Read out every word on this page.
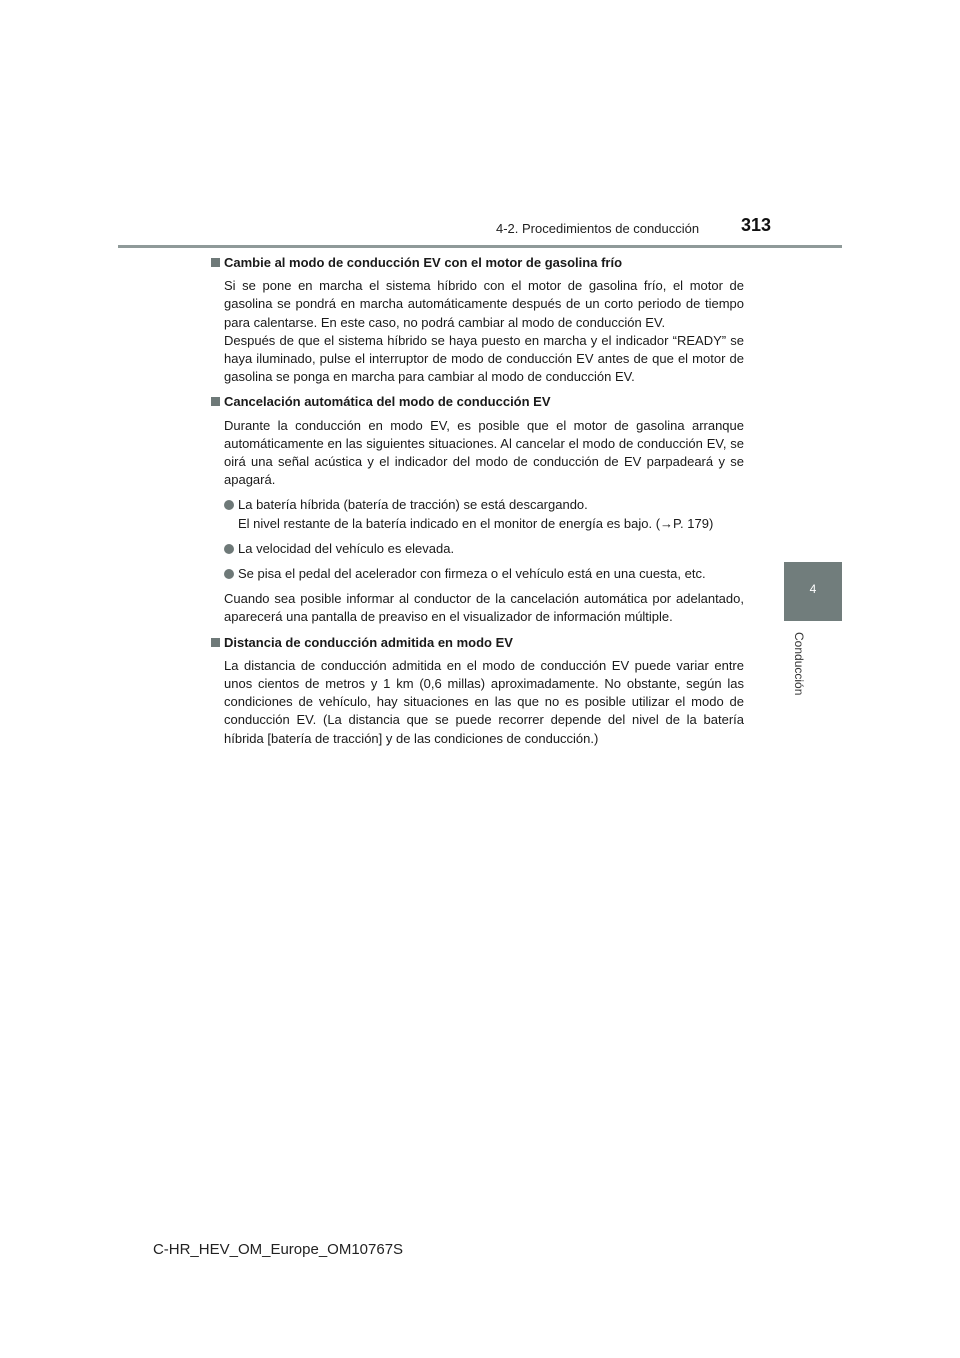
4-2. Procedimientos de conducción 313
4
Conducción
Cambie al modo de conducción EV con el motor de gasolina frío
Si se pone en marcha el sistema híbrido con el motor de gasolina frío, el motor de gasolina se pondrá en marcha automáticamente después de un corto periodo de tiempo para calentarse. En este caso, no podrá cambiar al modo de conducción EV.
Después de que el sistema híbrido se haya puesto en marcha y el indicador “READY” se haya iluminado, pulse el interruptor de modo de conducción EV antes de que el motor de gasolina se ponga en marcha para cambiar al modo de conducción EV.
Cancelación automática del modo de conducción EV
Durante la conducción en modo EV, es posible que el motor de gasolina arranque automáticamente en las siguientes situaciones. Al cancelar el modo de conducción EV, se oirá una señal acústica y el indicador del modo de conducción de EV parpadeará y se apagará.
La batería híbrida (batería de tracción) se está descargando.
El nivel restante de la batería indicado en el monitor de energía es bajo. (→P. 179)
La velocidad del vehículo es elevada.
Se pisa el pedal del acelerador con firmeza o el vehículo está en una cuesta, etc.
Cuando sea posible informar al conductor de la cancelación automática por adelantado, aparecerá una pantalla de preaviso en el visualizador de información múltiple.
Distancia de conducción admitida en modo EV
La distancia de conducción admitida en el modo de conducción EV puede variar entre unos cientos de metros y 1 km (0,6 millas) aproximadamente. No obstante, según las condiciones de vehículo, hay situaciones en las que no es posible utilizar el modo de conducción EV. (La distancia que se puede recorrer depende del nivel de la batería híbrida [batería de tracción] y de las condiciones de conducción.)
C-HR_HEV_OM_Europe_OM10767S
